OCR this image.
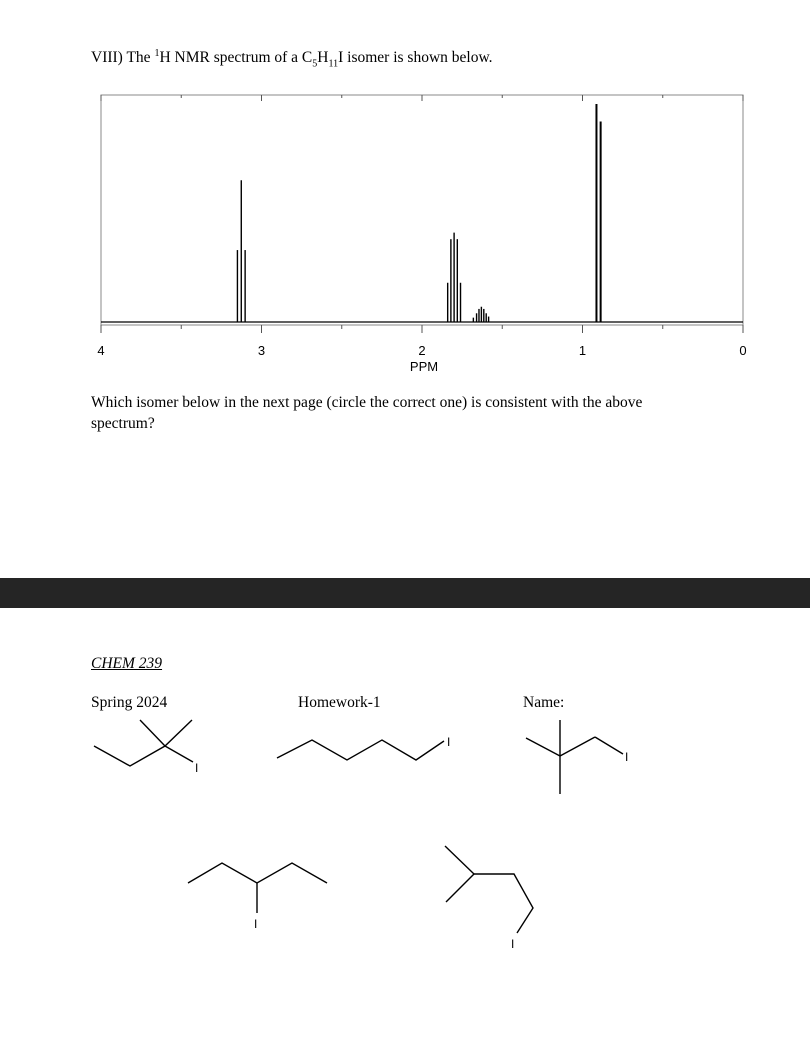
VIII) The $^1$H NMR spectrum of a $C_5H_{11}I$ isomer is shown below.
4	3	2	1	0
PPM
Which isomer below in the next page (circle the correct one) is consistent with the above spectrum?
CHEM 239
Spring 2024	Homework-1	Name:
I
I
I
I
I
